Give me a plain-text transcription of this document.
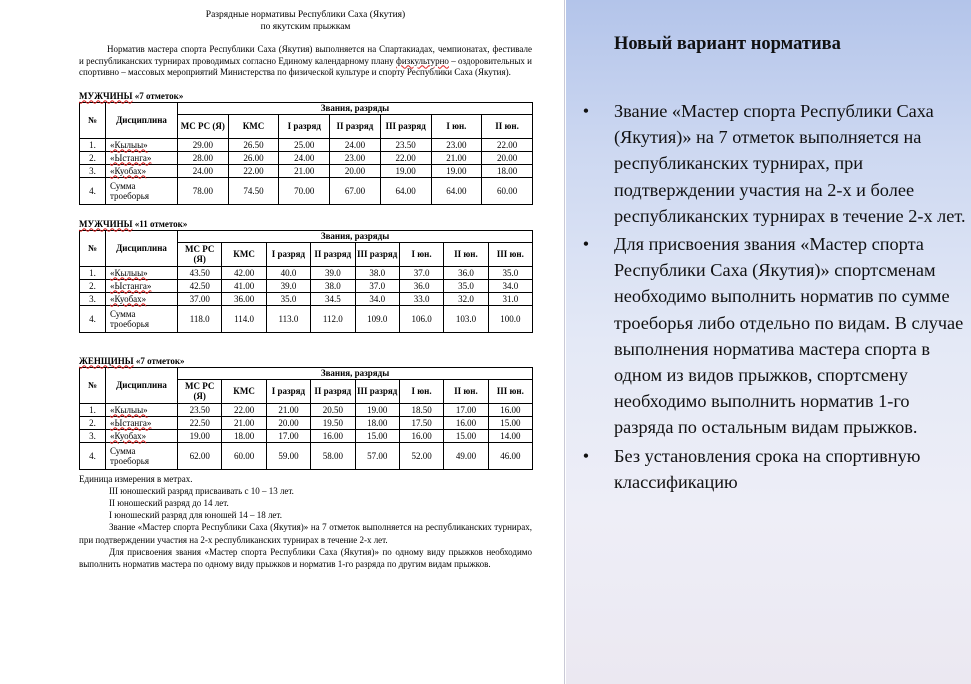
Разрядные нормативы Республики Саха (Якутия)
по якутским прыжкам

Норматив мастера спорта Республики Саха (Якутия) выполняется на Спартакиадах, чемпионатах, фестивале и республиканских турнирах проводимых согласно Единому календарному плану физкультурно – оздоровительных и спортивно – массовых мероприятий Министерства по физической культуре и спорту Республики Саха (Якутия).

МУЖЧИНЫ «7 отметок»
№	Дисциплина	Звания, разряды						
		МС РС (Я)	КМС	I разряд	II разряд	III разряд	I юн.	II юн.
1.	«Кылыы»	29.00	26.50	25.00	24.00	23.50	23.00	22.00
2.	«Ыстанга»	28.00	26.00	24.00	23.00	22.00	21.00	20.00
3.	«Куобах»	24.00	22.00	21.00	20.00	19.00	19.00	18.00
4.	Сумма троеборья	78.00	74.50	70.00	67.00	64.00	64.00	60.00
МУЖЧИНЫ «11 отметок»
№	Дисциплина	Звания, разряды							
		МС РС (Я)	КМС	I разряд	II разряд	III разряд	I юн.	II юн.	III юн.
1.	«Кылыы»	43.50	42.00	40.0	39.0	38.0	37.0	36.0	35.0
2.	«Ыстанга»	42.50	41.00	39.0	38.0	37.0	36.0	35.0	34.0
3.	«Куобах»	37.00	36.00	35.0	34.5	34.0	33.0	32.0	31.0
4.	Сумма троеборья	118.0	114.0	113.0	112.0	109.0	106.0	103.0	100.0
ЖЕНЩИНЫ «7 отметок»
№	Дисциплина	Звания, разряды							
		МС РС (Я)	КМС	I разряд	II разряд	III разряд	I юн.	II юн.	III юн.
1.	«Кылыы»	23.50	22.00	21.00	20.50	19.00	18.50	17.00	16.00
2.	«Ыстанга»	22.50	21.00	20.00	19.50	18.00	17.50	16.00	15.00
3.	«Куобах»	19.00	18.00	17.00	16.00	15.00	16.00	15.00	14.00
4.	Сумма троеборья	62.00	60.00	59.00	58.00	57.00	52.00	49.00	46.00
Единица измерения в метрах.
III юношеский разряд присваивать с 10 – 13 лет.
II юношеский разряд до 14 лет.
I юношеский разряд для юношей 14 – 18 лет.
Звание «Мастер спорта Республики Саха (Якутия)» на 7 отметок выполняется на республиканских турнирах, при подтверждении участия на 2-х республиканских турнирах в течение 2-х лет.
Для присвоения звания «Мастер спорта Республики Саха (Якутия)» по одному виду прыжков необходимо выполнить норматив мастера по одному виду прыжков и норматив 1-го разряда по другим видам прыжков.
Новый вариант норматива
•	Звание «Мастер спорта Республики Саха (Якутия)» на 7 отметок выполняется на республиканских турнирах, при подтверждении участия на 2-х и более республиканских турнирах в течение 2-х лет.
•	Для присвоения звания «Мастер спорта Республики Саха (Якутия)» спортсменам необходимо выполнить норматив по сумме троеборья либо отдельно по видам. В случае выполнения норматива мастера спорта в одном из видов прыжков, спортсмену необходимо выполнить норматив 1-го разряда по остальным видам прыжков.
•	Без установления срока на спортивную классификацию
